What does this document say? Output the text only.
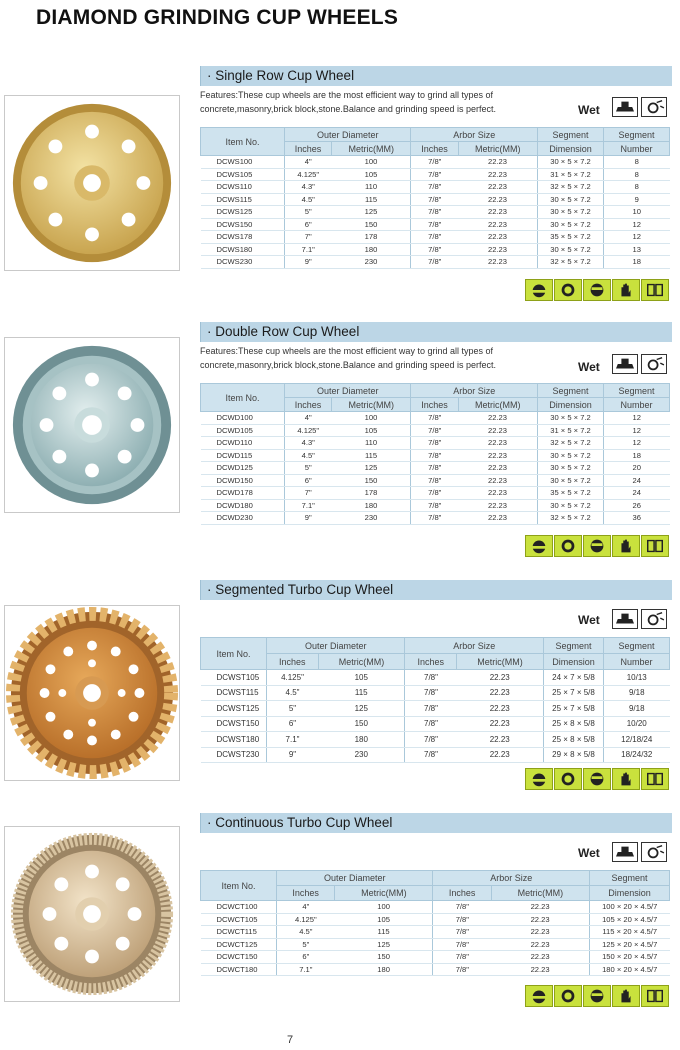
DIAMOND GRINDING CUP WHEELS
· Single Row Cup Wheel
Features:These cup wheels are the most efficient way to grind all types of concrete,masonry,brick block,stone.Balance and grinding speed is perfect.	Wet
Item No.	Outer Diameter		Arbor Size		Segment	Segment
	Inches	Metric(MM)	Inches	Metric(MM)	Dimension	Number
DCWS100	4"	100	7/8"	22.23	30 × 5 × 7.2	8
DCWS105	4.125"	105	7/8"	22.23	31 × 5 × 7.2	8
DCWS110	4.3"	110	7/8"	22.23	32 × 5 × 7.2	8
DCWS115	4.5"	115	7/8"	22.23	30 × 5 × 7.2	9
DCWS125	5"	125	7/8"	22.23	30 × 5 × 7.2	10
DCWS150	6"	150	7/8"	22.23	30 × 5 × 7.2	12
DCWS178	7"	178	7/8"	22.23	35 × 5 × 7.2	12
DCWS180	7.1"	180	7/8"	22.23	30 × 5 × 7.2	13
DCWS230	9"	230	7/8"	22.23	32 × 5 × 7.2	18
· Double Row Cup Wheel
Features:These cup wheels are the most efficient way to grind all types of concrete,masonry,brick block,stone.Balance and grinding speed is perfect.	Wet
Item No.	Outer Diameter		Arbor Size		Segment	Segment
	Inches	Metric(MM)	Inches	Metric(MM)	Dimension	Number
DCWD100	4"	100	7/8"	22.23	30 × 5 × 7.2	12
DCWD105	4.125"	105	7/8"	22.23	31 × 5 × 7.2	12
DCWD110	4.3"	110	7/8"	22.23	32 × 5 × 7.2	12
DCWD115	4.5"	115	7/8"	22.23	30 × 5 × 7.2	18
DCWD125	5"	125	7/8"	22.23	30 × 5 × 7.2	20
DCWD150	6"	150	7/8"	22.23	30 × 5 × 7.2	24
DCWD178	7"	178	7/8"	22.23	35 × 5 × 7.2	24
DCWD180	7.1"	180	7/8"	22.23	30 × 5 × 7.2	26
DCWD230	9"	230	7/8"	22.23	32 × 5 × 7.2	36
· Segmented Turbo Cup Wheel
Wet
Item No.	Outer Diameter		Arbor Size		Segment	Segment
	Inches	Metric(MM)	Inches	Metric(MM)	Dimension	Number
DCWST105	4.125"	105	7/8"	22.23	24 × 7 × 5/8	10/13
DCWST115	4.5"	115	7/8"	22.23	25 × 7 × 5/8	9/18
DCWST125	5"	125	7/8"	22.23	25 × 7 × 5/8	9/18
DCWST150	6"	150	7/8"	22.23	25 × 8 × 5/8	10/20
DCWST180	7.1"	180	7/8"	22.23	25 × 8 × 5/8	12/18/24
DCWST230	9"	230	7/8"	22.23	29 × 8 × 5/8	18/24/32
· Continuous Turbo Cup Wheel
Wet
Item No.	Outer Diameter		Arbor Size		Segment
	Inches	Metric(MM)	Inches	Metric(MM)	Dimension
DCWCT100	4"	100	7/8"	22.23	100 × 20 × 4.5/7
DCWCT105	4.125"	105	7/8"	22.23	105 × 20 × 4.5/7
DCWCT115	4.5"	115	7/8"	22.23	115 × 20 × 4.5/7
DCWCT125	5"	125	7/8"	22.23	125 × 20 × 4.5/7
DCWCT150	6"	150	7/8"	22.23	150 × 20 × 4.5/7
DCWCT180	7.1"	180	7/8"	22.23	180 × 20 × 4.5/7
7
